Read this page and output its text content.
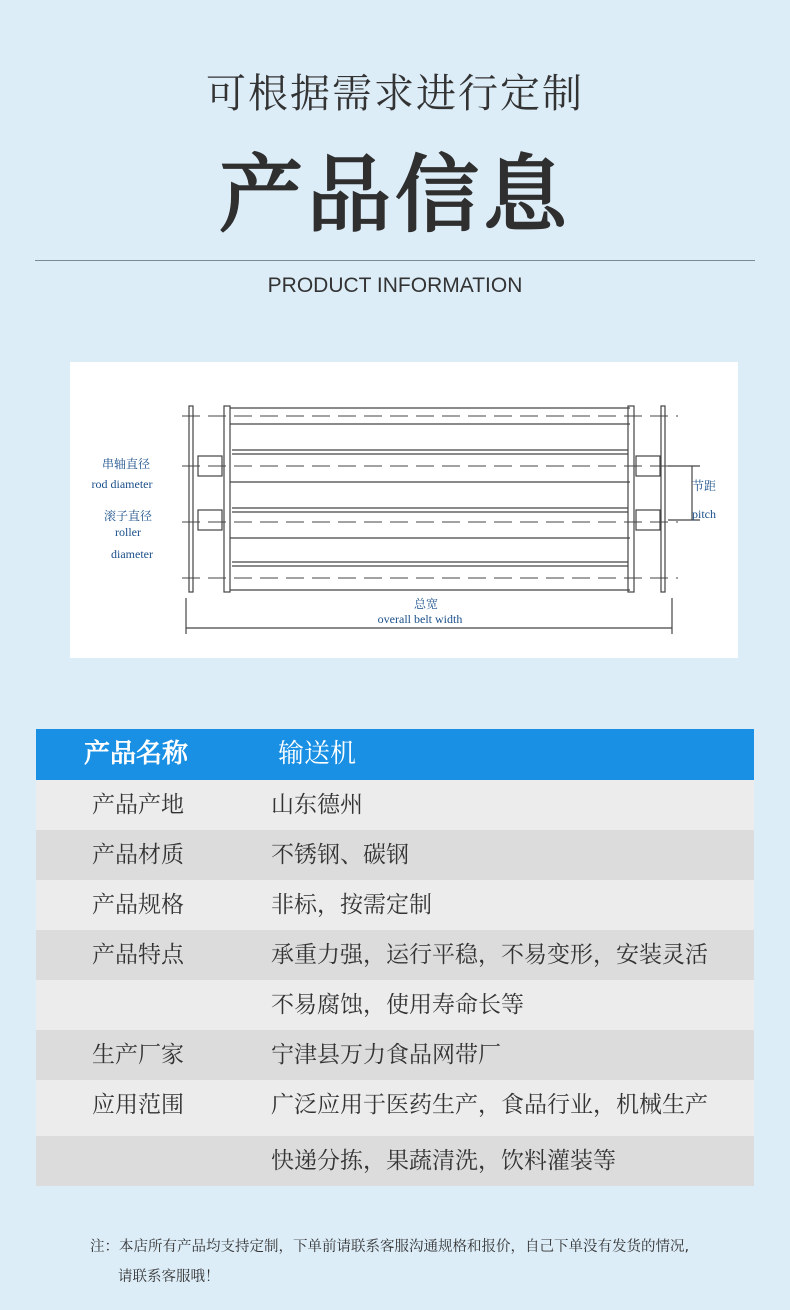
可根据需求进行定制
产品信息
PRODUCT INFORMATION
串轴直径
rod diameter
滚子直径
roller
diameter
节距
pitch
总宽
overall belt width
产品名称	输送机
产品产地	山东德州
产品材质	不锈钢、碳钢
产品规格	非标，按需定制
产品特点	承重力强，运行平稳，不易变形，安装灵活
不易腐蚀，使用寿命长等
生产厂家	宁津县万力食品网带厂
应用范围	广泛应用于医药生产，食品行业，机械生产
快递分拣，果蔬清洗，饮料灌装等
注：本店所有产品均支持定制，下单前请联系客服沟通规格和报价，自己下单没有发货的情况,
请联系客服哦！
